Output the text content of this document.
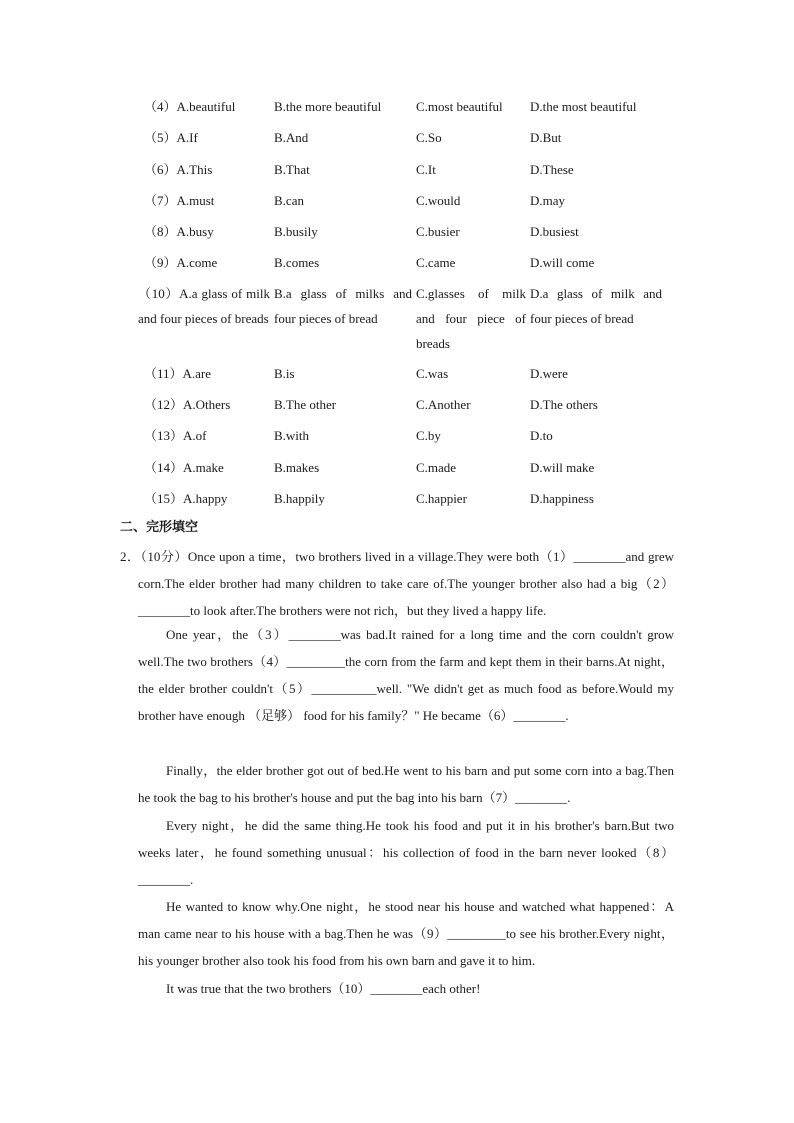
（4）A.beautiful	B.the more beautiful	C.most beautiful D.the most beautiful
（5）A.If	B.And	C.So	D.But
（6）A.This	B.That	C.It	D.These
（7）A.must	B.can	C.would	D.may
（8）A.busy	B.busily	C.busier	D.busiest
（9）A.come	B.comes	C.came	D.will come
（10）A.a glass of milk and four pieces of breads
B.a glass of milks and four pieces of bread
C.glasses of milk and four piece of breads
D.a glass of milk and four pieces of bread
（11）A.are	B.is	C.was	D.were
（12）A.Others	B.The other	C.Another	D.The others
（13）A.of	B.with	C.by	D.to
（14）A.make	B.makes	C.made	D.will make
（15）A.happy	B.happily	C.happier	D.happiness
二、完形填空
2．（10分）Once upon a time，two brothers lived in a village.They were both（1）________and grew corn.The elder brother had many children to take care of.The younger brother also had a big（2）________to look after.The brothers were not rich，but they lived a happy life.
One year，the（3）________was bad.It rained for a long time and the corn couldn't grow well.The two brothers（4）_________the corn from the farm and kept them in their barns.At night，the elder brother couldn't（5）__________well. "We didn't get as much food as before.Would my brother have enough （足够） food for his family？" He became（6）________.
Finally，the elder brother got out of bed.He went to his barn and put some corn into a bag.Then he took the bag to his brother's house and put the bag into his barn（7）________.
Every night，he did the same thing.He took his food and put it in his brother's barn.But two weeks later，he found something unusual：his collection of food in the barn never looked（8）________.
He wanted to know why.One night，he stood near his house and watched what happened：A man came near to his house with a bag.Then he was（9）_________to see his brother.Every night，his younger brother also took his food from his own barn and gave it to him.
It was true that the two brothers（10）________each other!
